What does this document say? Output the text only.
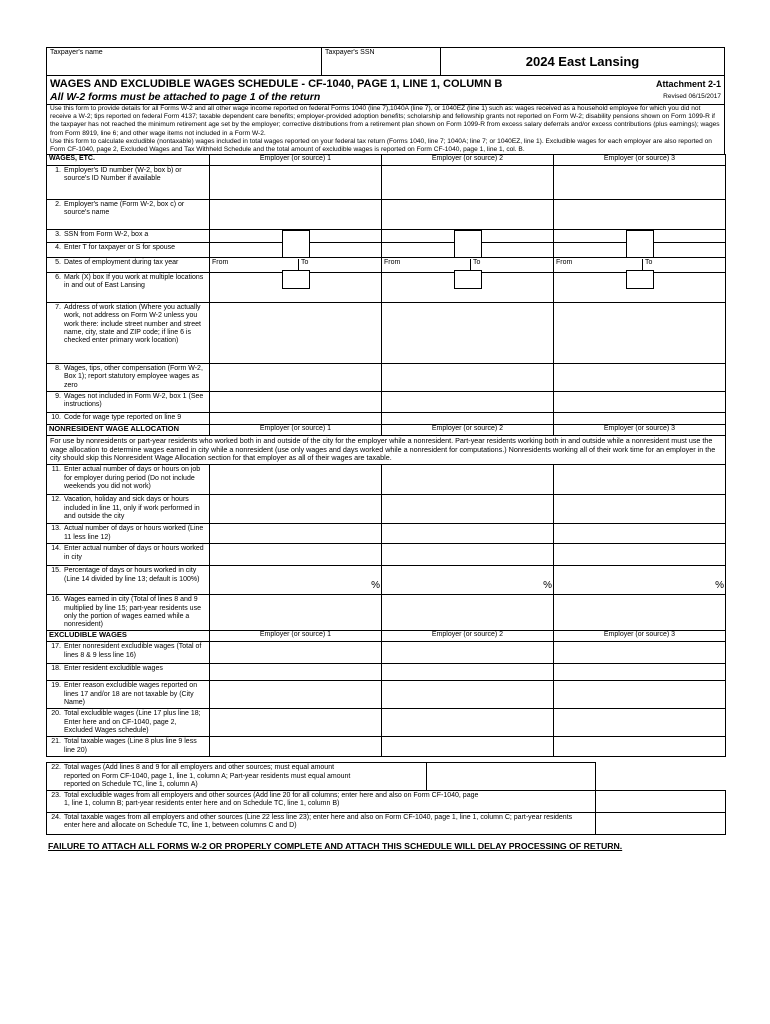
Taxpayer's name	Taxpayer's SSN
2024 East Lansing
WAGES AND EXCLUDIBLE WAGES SCHEDULE - CF-1040, PAGE 1, LINE 1, COLUMN B
All W-2 forms must be attached to page 1 of the return
Attachment 2-1
Revised 06/15/2017
Use this form to provide details for all Forms W-2 and all other wage income reported on federal Forms 1040 (line 7),1040A (line 7), or 1040EZ (line 1) such as: wages received as a household employee for which you did not receive a W-2; tips reported on federal Form 4137; taxable dependent care benefits; employer-provided adoption benefits; scholarship and fellowship grants not reported on Form W-2; disability pensions shown on Form 1099-R if the taxpayer has not reached the minimum retirement age set by the employer; corrective distributions from a retirement plan shown on Form 1099-R from excess salary deferrals and/or excess contributions (plus earnings); wages from Form 8919, line 6; and other wage items not included in a Form W-2.
Use this form to calculate excludible (nontaxable) wages included in total wages reported on your federal tax return (Forms 1040, line 7; 1040A; line 7; or 1040EZ, line 1). Excludible wages for each employer are also reported on Form CF-1040, page 2, Excluded Wages and Tax Withheld Schedule and the total amount of excludible wages is reported on Form CF-1040, page 1, line 1, col. B.
WAGES, ETC.	Employer (or source) 1	Employer (or source) 2	Employer (or source) 3
1. Employer's ID number (W-2, box b) or source's ID Number if available			
2. Employer's name (Form W-2, box c) or source's name			
3. SSN from Form W-2, box a			
4. Enter T for taxpayer or S for spouse	

5. Dates of employment during tax year	From To	From To	From To

6. Mark (X) box If you work at multiple locations in and out of East Lansing	

7. Address of work station (Where you actually work, not address on Form W-2 unless you work there: include street number and street name, city, state and ZIP code; if line 6 is checked enter primary work location)			
8. Wages, tips, other compensation (Form W-2, Box 1); report statutory employee wages as zero			
9. Wages not included in Form W-2, box 1 (See instructions)			
10. Code for wage type reported on line 9			
NONRESIDENT WAGE ALLOCATION	Employer (or source) 1	Employer (or source) 2	Employer (or source) 3
For use by nonresidents or part-year residents who worked both in and outside of the city for the employer while a nonresident. Part-year residents working both in and outside while a nonresident must use the wage allocation to determine wages earned in city while a nonresident (use only wages and days worked while a nonresident for computations.) Nonresidents working all of their work time for an employer in the city should skip this Nonresident Wage Allocation section for that employer as all of their wages are taxable.			
11. Enter actual number of days or hours on job for employer during period (Do not include weekends you did not work)			
12. Vacation, holiday and sick days or hours included in line 11, only if work performed in and outside the city			
13. Actual number of days or hours worked (Line 11 less line 12)			
14. Enter actual number of days or hours worked in city			
15. Percentage of days or hours worked in city (Line 14 divided by line 13; default is 100%)	%	%	%

16. Wages earned in city (Total of lines 8 and 9 multiplied by line 15; part-year residents use only the portion of wages earned while a nonresident)			
EXCLUDIBLE WAGES	Employer (or source) 1	Employer (or source) 2	Employer (or source) 3
17. Enter nonresident excludible wages (Total of lines 8 & 9 less line 16)			
18. Enter resident excludible wages			
19. Enter reason excludible wages reported on lines 17 and/or 18 are not taxable by (City Name)			
20. Total excludible wages (Line 17 plus line 18; Enter here and on CF-1040, page 2, Excluded Wages schedule)			
21. Total taxable wages (Line 8 plus line 9 less line 20)			
22. Total wages (Add lines 8 and 9 for all employers and other sources; must equal amount reported on Form CF-1040, page 1, line 1, column A; Part-year residents must equal amount reported on Schedule TC, line 1, column A)		
23. Total excludible wages from all employers and other sources (Add line 20 for all columns; enter here and also on Form CF-1040, page 1, line 1, column B; part-year residents enter here and on Schedule TC, line 1, column B)		
24. Total taxable wages from all employers and other sources (Line 22 less line 23); enter here and also on Form CF-1040, page 1, line 1, column C; part-year residents enter here and allocate on Schedule TC, line 1, between columns C and D)		
FAILURE TO ATTACH ALL FORMS W-2 OR PROPERLY COMPLETE AND ATTACH THIS SCHEDULE WILL DELAY PROCESSING OF RETURN.
